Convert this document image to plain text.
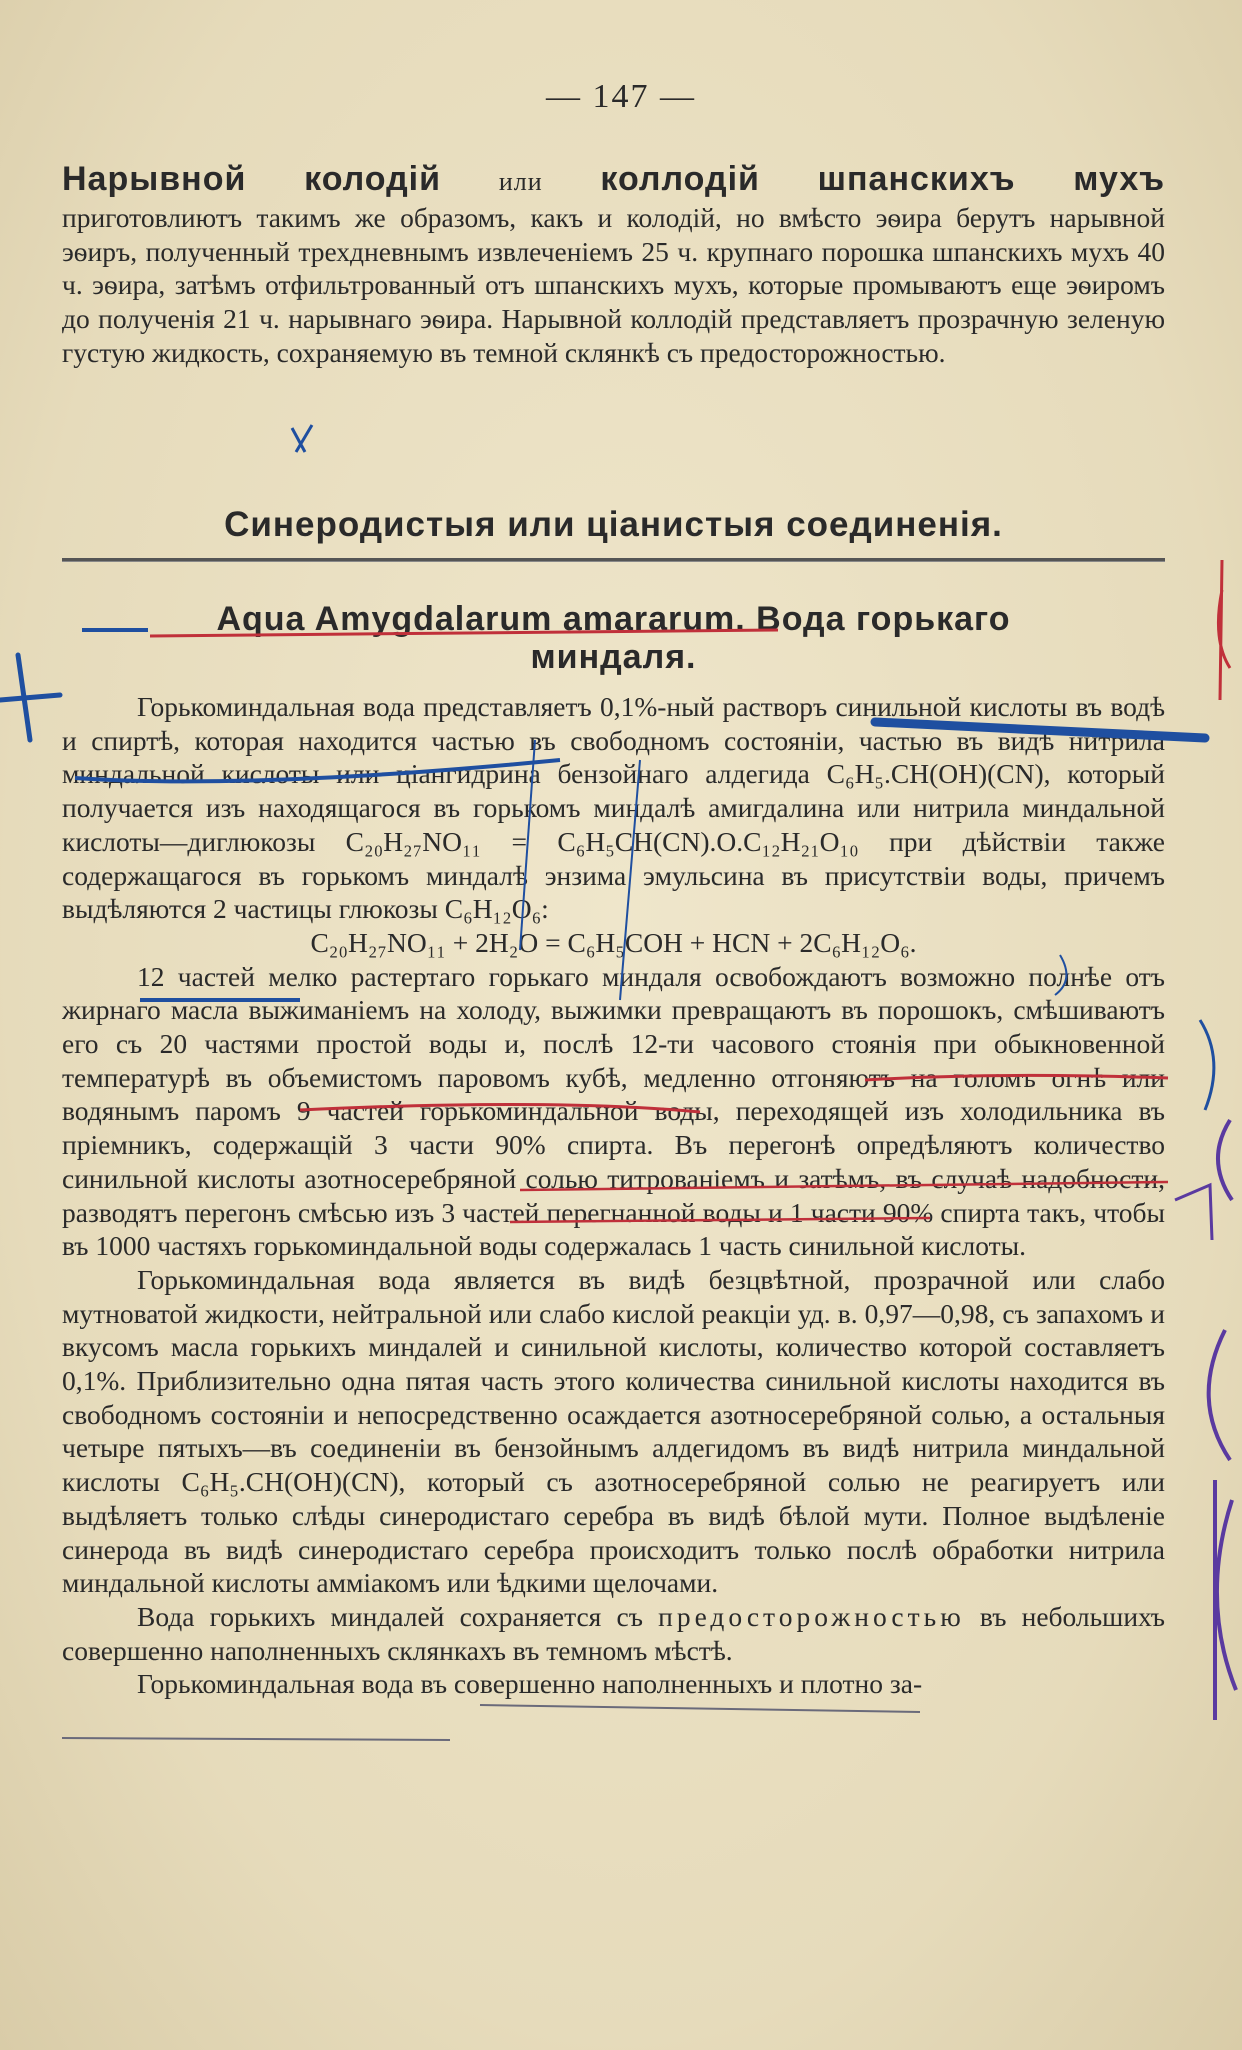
— 147 —
Нарывной колодій или коллодій шпанскихъ мухъ

приготовлиютъ такимъ же образомъ, какъ и колодій, но вмѣсто эѳира берутъ нарывной эѳиръ, полученный трехдневнымъ извлеченіемъ 25 ч. крупнаго порошка шпанскихъ мухъ 40 ч. эѳира, затѣмъ отфильтрованный отъ шпанскихъ мухъ, которые промываютъ еще эѳиромъ до полученія 21 ч. нарывнаго эѳира. Нарывной коллодій представляетъ прозрачную зеленую густую жидкость, сохраняемую въ темной склянкѣ съ предосторожностью.

Синеродистыя или ціанистыя соединенія.
Aqua Amygdalarum amararum. Вода горькаго
миндаля.

Горькоминдальная вода представляетъ 0,1%-ный растворъ синильной кислоты въ водѣ и спиртѣ, которая находится частью въ свободномъ состояніи, частью въ видѣ нитрила миндальной кислоты или ціангидрина бензойнаго алдегида C₆H₅.CH(OH)(CN), который получается изъ находящагося въ горькомъ миндалѣ амигдалина или нитрила миндальной кислоты—диглюкозы C₂₀H₂₇NO₁₁ = C₆H₅CH(CN).O.C₁₂H₂₁O₁₀ при дѣйствіи также содержащагося въ горькомъ миндалѣ энзима эмульсина въ присутствіи воды, причемъ выдѣляются 2 частицы глюкозы C₆H₁₂O₆:

C₂₀H₂₇NO₁₁ + 2H₂O = C₆H₅COH + HCN + 2C₆H₁₂O₆.

12 частей мелко растертаго горькаго миндаля освобождаютъ возможно полнѣе отъ жирнаго масла выжиманіемъ на холоду, выжимки превращаютъ въ порошокъ, смѣшиваютъ его съ 20 частями простой воды и, послѣ 12-ти часового стоянія при обыкновенной температурѣ въ объемистомъ паровомъ кубѣ, медленно отгоняютъ на голомъ огнѣ или водянымъ паромъ 9 частей горькоминдальной воды, переходящей изъ холодильника въ пріемникъ, содержащій 3 части 90% спирта. Въ перегонѣ опредѣляютъ количество синильной кислоты азотносеребряной солью титрованіемъ и затѣмъ, въ случаѣ надобности, разводятъ перегонъ смѣсью изъ 3 частей перегнанной воды и 1 части 90% спирта такъ, чтобы въ 1000 частяхъ горькоминдальной воды содержалась 1 часть синильной кислоты.

Горькоминдальная вода является въ видѣ безцвѣтной, прозрачной или слабо мутноватой жидкости, нейтральной или слабо кислой реакціи уд. в. 0,97—0,98, съ запахомъ и вкусомъ масла горькихъ миндалей и синильной кислоты, количество которой составляетъ 0,1%. Приблизительно одна пятая часть этого количества синильной кислоты находится въ свободномъ состояніи и непосредственно осаждается азотносеребряной солью, а остальныя четыре пятыхъ—въ соединеніи въ бензойнымъ алдегидомъ въ видѣ нитрила миндальной кислоты C₆H₅.CH(OH)(CN), который съ азотносеребряной солью не реагируетъ или выдѣляетъ только слѣды синеродистаго серебра въ видѣ бѣлой мути. Полное выдѣленіе синерода въ видѣ синеродистаго серебра происходитъ только послѣ обработки нитрила миндальной кислоты амміакомъ или ѣдкими щелочами.

Вода горькихъ миндалей сохраняется съ предосторожностью въ небольшихъ совершенно наполненныхъ склянкахъ въ темномъ мѣстѣ.

Горькоминдальная вода въ совершенно наполненныхъ и плотно за-
